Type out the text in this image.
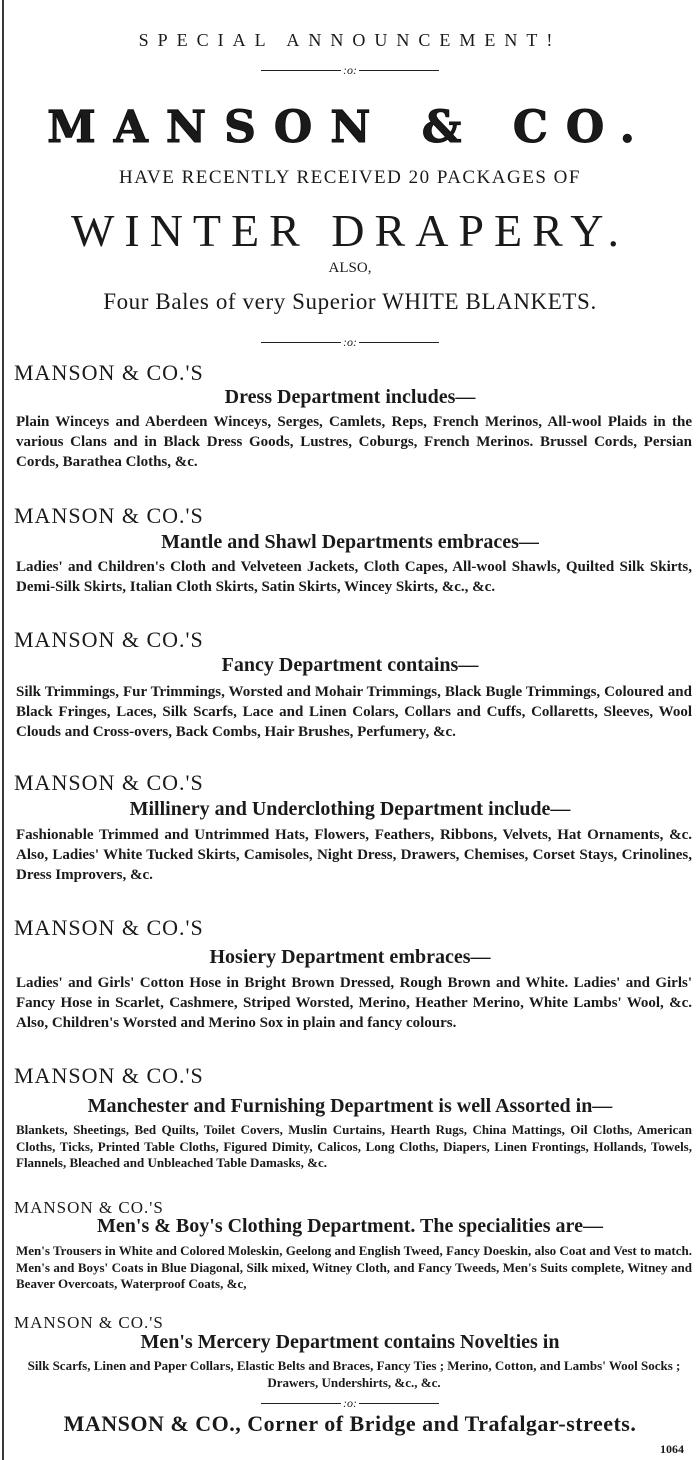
SPECIAL ANNOUNCEMENT!
:o:
MANSON & CO.
HAVE RECENTLY RECEIVED 20 PACKAGES OF
WINTER DRAPERY.
ALSO,
Four Bales of very Superior WHITE BLANKETS.
:o:
MANSON & CO.'S
Dress Department includes—
Plain Winceys and Aberdeen Winceys, Serges, Camlets, Reps, French Merinos, All-wool Plaids in the various Clans and in Black Dress Goods, Lustres, Coburgs, French Merinos. Brussel Cords, Persian Cords, Barathea Cloths, &c.
MANSON & CO.'S
Mantle and Shawl Departments embraces—
Ladies' and Children's Cloth and Velveteen Jackets, Cloth Capes, All-wool Shawls, Quilted Silk Skirts, Demi-Silk Skirts, Italian Cloth Skirts, Satin Skirts, Wincey Skirts, &c., &c.
MANSON & CO.'S
Fancy Department contains—
Silk Trimmings, Fur Trimmings, Worsted and Mohair Trimmings, Black Bugle Trimmings, Coloured and Black Fringes, Laces, Silk Scarfs, Lace and Linen Colars, Collars and Cuffs, Collaretts, Sleeves, Wool Clouds and Cross-overs, Back Combs, Hair Brushes, Perfumery, &c.
MANSON & CO.'S
Millinery and Underclothing Department include—
Fashionable Trimmed and Untrimmed Hats, Flowers, Feathers, Ribbons, Velvets, Hat Ornaments, &c. Also, Ladies' White Tucked Skirts, Camisoles, Night Dress, Drawers, Chemises, Corset Stays, Crinolines, Dress Improvers, &c.
MANSON & CO.'S
Hosiery Department embraces—
Ladies' and Girls' Cotton Hose in Bright Brown Dressed, Rough Brown and White. Ladies' and Girls' Fancy Hose in Scarlet, Cashmere, Striped Worsted, Merino, Heather Merino, White Lambs' Wool, &c. Also, Children's Worsted and Merino Sox in plain and fancy colours.
MANSON & CO.'S
Manchester and Furnishing Department is well Assorted in—
Blankets, Sheetings, Bed Quilts, Toilet Covers, Muslin Curtains, Hearth Rugs, China Mattings, Oil Cloths, American Cloths, Ticks, Printed Table Cloths, Figured Dimity, Calicos, Long Cloths, Diapers, Linen Frontings, Hollands, Towels, Flannels, Bleached and Unbleached Table Damasks, &c.
MANSON & CO.'S
Men's & Boy's Clothing Department. The specialities are—
Men's Trousers in White and Colored Moleskin, Geelong and English Tweed, Fancy Doeskin, also Coat and Vest to match. Men's and Boys' Coats in Blue Diagonal, Silk mixed, Witney Cloth, and Fancy Tweeds, Men's Suits complete, Witney and Beaver Overcoats, Waterproof Coats, &c,
MANSON & CO.'S
Men's Mercery Department contains Novelties in
Silk Scarfs, Linen and Paper Collars, Elastic Belts and Braces, Fancy Ties ; Merino, Cotton, and Lambs' Wool Socks ; Drawers, Undershirts, &c., &c.
:o:
MANSON & CO., Corner of Bridge and Trafalgar-streets.
1064
